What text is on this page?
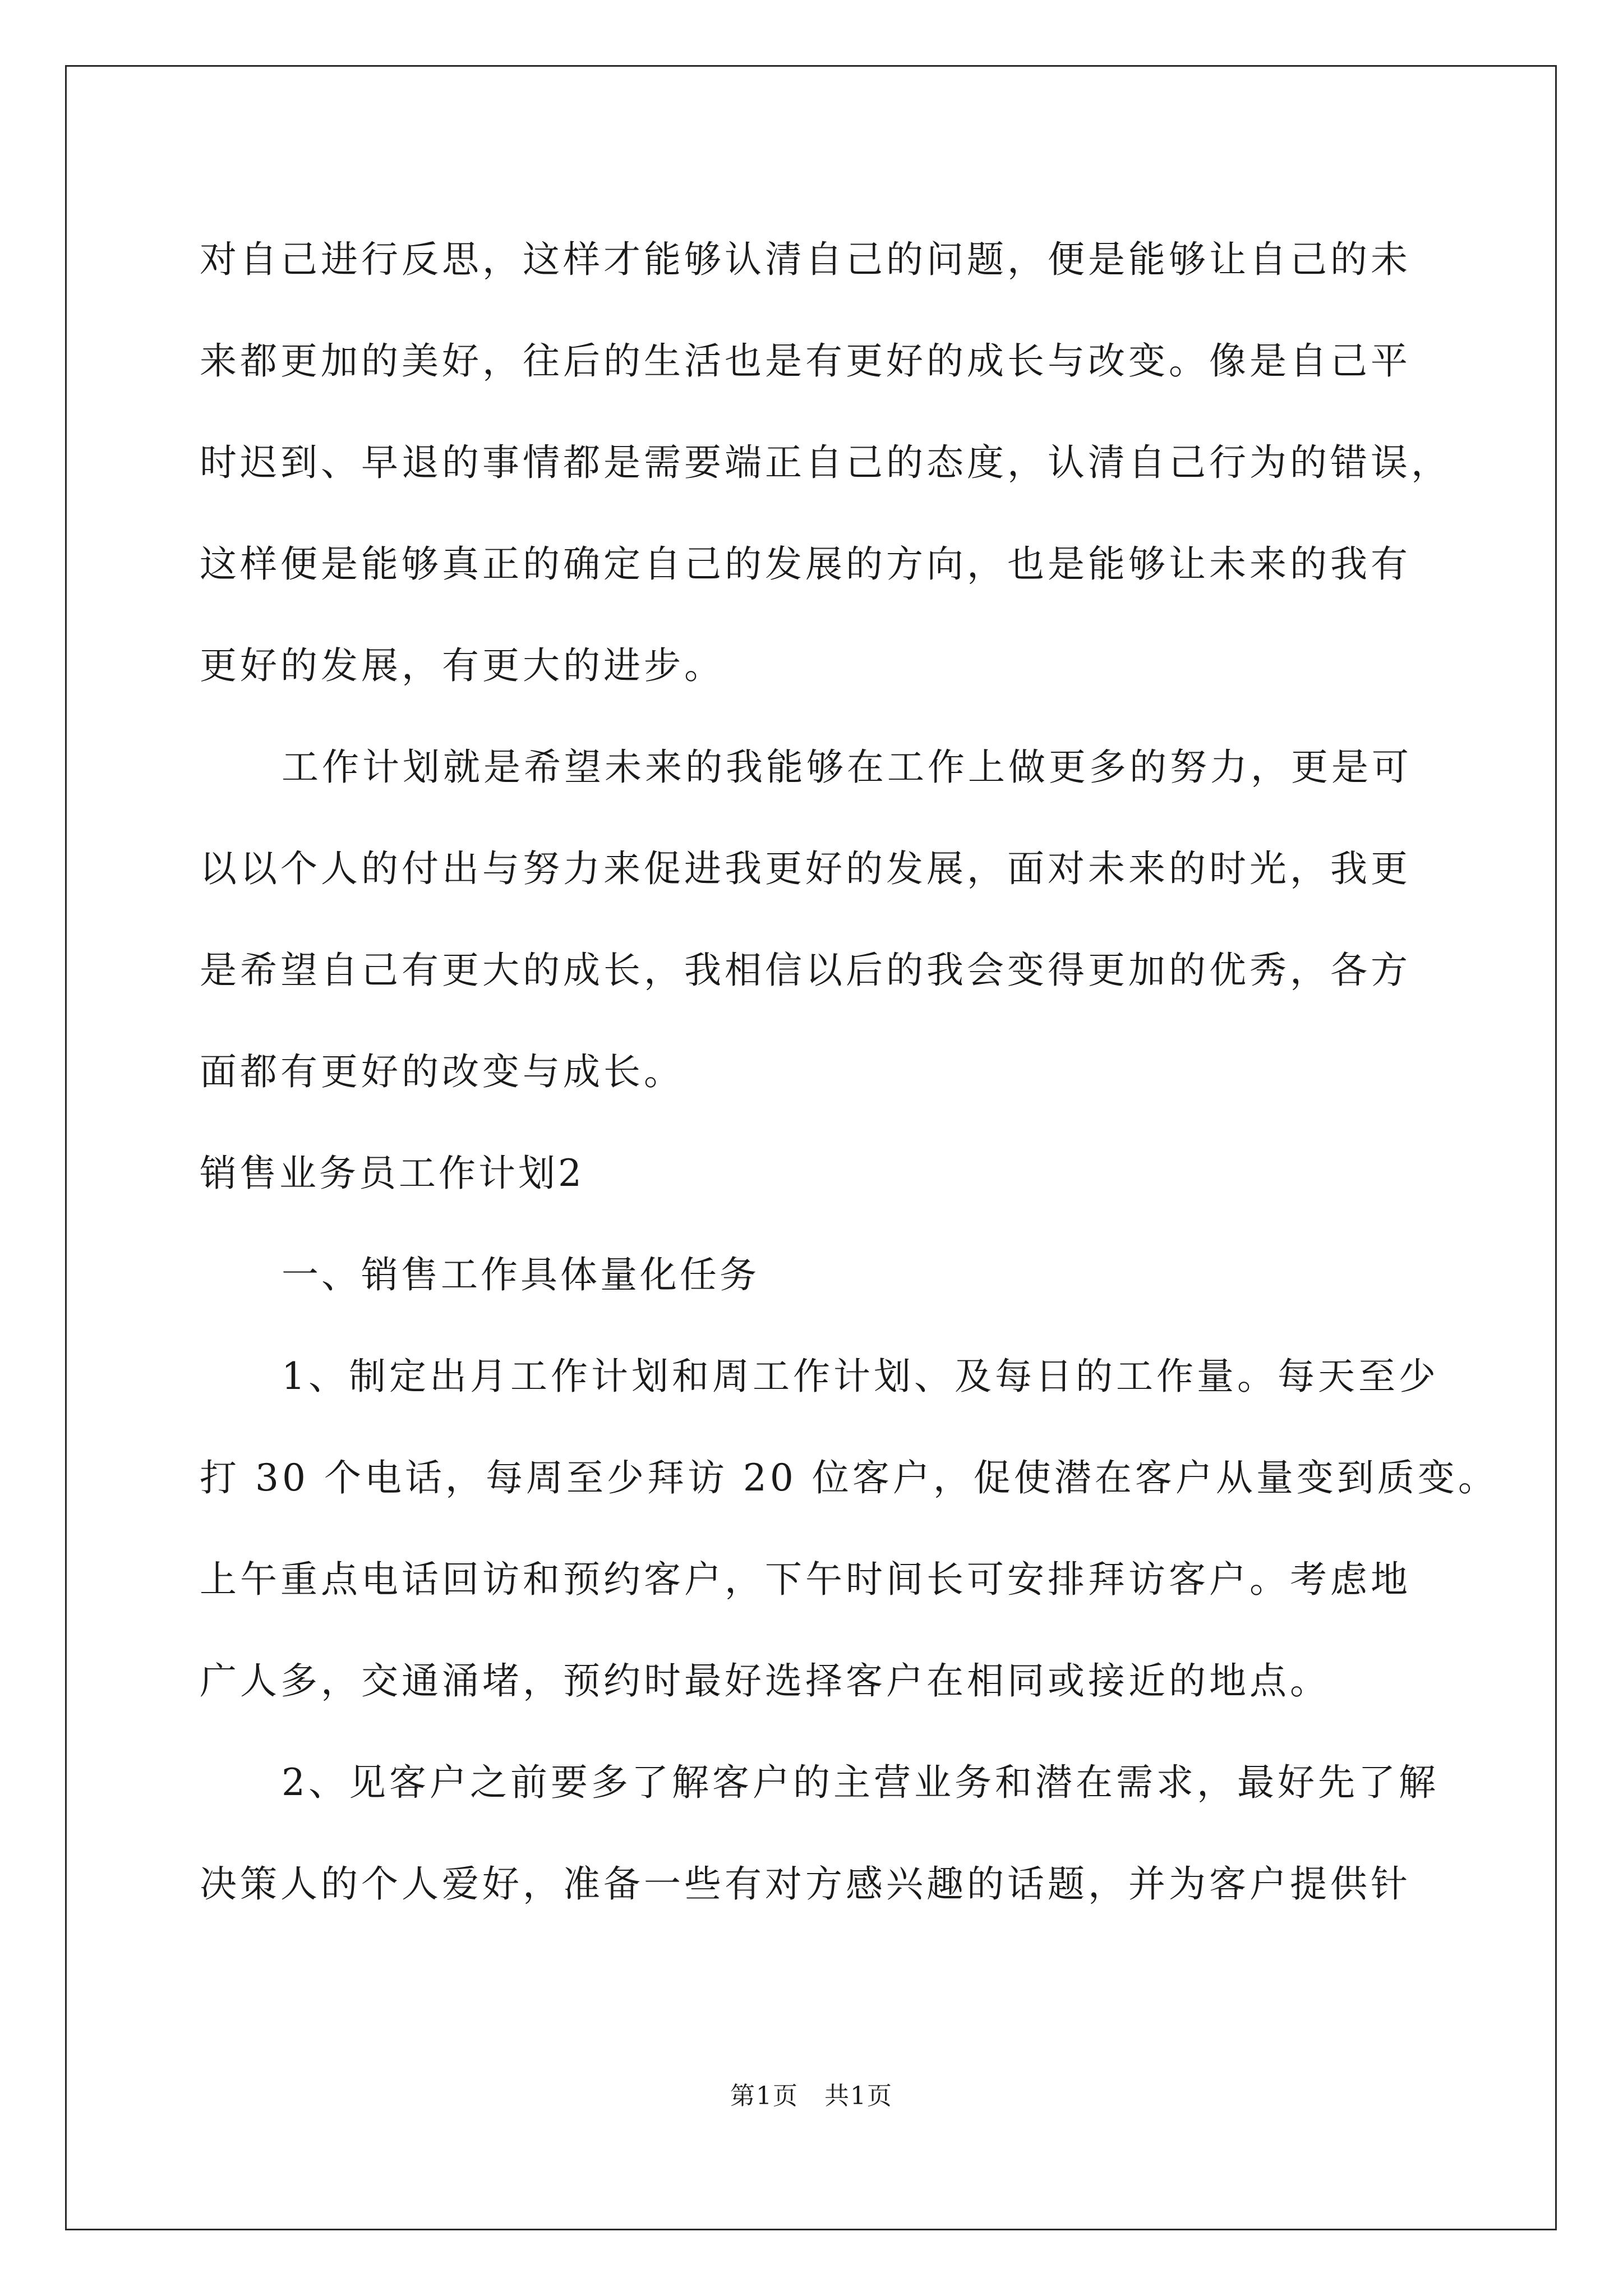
对自己进行反思，这样才能够认清自己的问题，便是能够让自己的未
来都更加的美好，往后的生活也是有更好的成长与改变。像是自己平
时迟到、早退的事情都是需要端正自己的态度，认清自己行为的错误，
这样便是能够真正的确定自己的发展的方向，也是能够让未来的我有
更好的发展，有更大的进步。
工作计划就是希望未来的我能够在工作上做更多的努力，更是可
以以个人的付出与努力来促进我更好的发展，面对未来的时光，我更
是希望自己有更大的成长，我相信以后的我会变得更加的优秀，各方
面都有更好的改变与成长。
销售业务员工作计划2
一、销售工作具体量化任务
1、制定出月工作计划和周工作计划、及每日的工作量。每天至少
打 30 个电话，每周至少拜访 20 位客户，促使潜在客户从量变到质变。
上午重点电话回访和预约客户，下午时间长可安排拜访客户。考虑地
广人多，交通涌堵，预约时最好选择客户在相同或接近的地点。
2、见客户之前要多了解客户的主营业务和潜在需求，最好先了解
决策人的个人爱好，准备一些有对方感兴趣的话题，并为客户提供针
第1页　共1页
